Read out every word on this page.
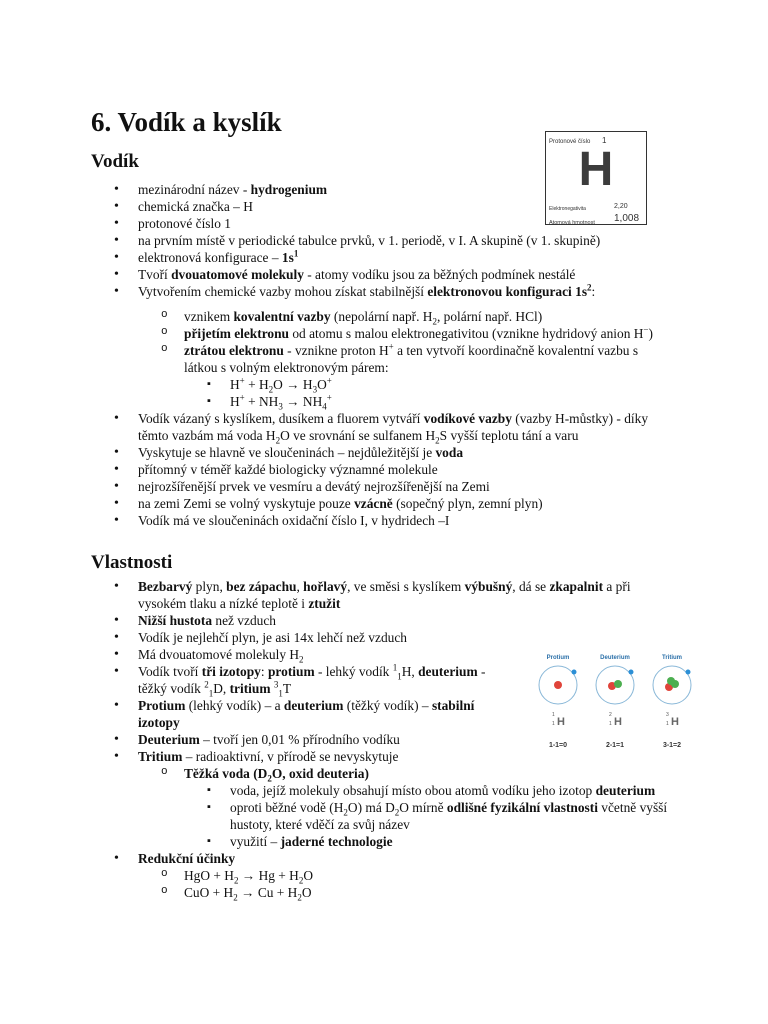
6. Vodík a kyslík
Protonové číslo 1
H
Elektronegativita	2,20
Atomová hmotnost 1,008
Vodík
• mezinárodní název - hydrogenium
• chemická značka – H
• protonové číslo 1
• na prvním místě v periodické tabulce prvků, v 1. periodě, v I. A skupině (v 1. skupině)
• elektronová konfigurace – $1s^1$
• Tvoří dvouatomové molekuly - atomy vodíku jsou za běžných podmínek nestálé
• Vytvořením chemické vazby mohou získat stabilnější elektronovou konfiguraci $1s^2$:
o vznikem kovalentní vazby (nepolární např. $H_2$, polární např. HCl)
o přijetím elektronu od atomu s malou elektronegativitou (vznikne hydridový anion H−)
o ztrátou elektronu - vznikne proton H+ a ten vytvoří koordinačně kovalentní vazbu s látkou s volným elektronovým párem:
▪ $H^+ + H_2O \to H_3O^+$
▪ $H^+ + NH_3 \to NH_4^+$
• Vodík vázaný s kyslíkem, dusíkem a fluorem vytváří vodíkové vazby (vazby H-můstky) - díky těmto vazbám má voda $H_2O$ ve srovnání se sulfanem $H_2S$ vyšší teplotu tání a varu
• Vyskytuje se hlavně ve sloučeninách – nejdůležitější je voda
• přítomný v téměř každé biologicky významné molekule
• nejrozšířenější prvek ve vesmíru a devátý nejrozšířenější na Zemi
• na zemi Zemi se volný vyskytuje pouze vzácně (sopečný plyn, zemní plyn)
• Vodík má ve sloučeninách oxidační číslo I, v hydridech –I
Vlastnosti
• Bezbarvý plyn, bez zápachu, hořlavý, ve směsi s kyslíkem výbušný, dá se zkapalnit a při vysokém tlaku a nízké teplotě i ztužit
• Nižší hustota než vzduch
• Vodík je nejlehčí plyn, je asi 14x lehčí než vzduch
• Má dvouatomové molekuly $H_2$
• Vodík tvoří tři izotopy: protium - lehký vodík $^1_1$H, deuterium - těžký vodík $^2_1$D, tritium $^3_1$T
• Protium (lehký vodík) – a deuterium (těžký vodík) – stabilní izotopy
• Deuterium – tvoří jen 0,01 % přírodního vodíku
• Tritium – radioaktivní, v přírodě se nevyskytuje
o Těžká voda ($D_2O$, oxid deuteria)
▪ voda, jejíž molekuly obsahují místo obou atomů vodíku jeho izotop deuterium
▪ oproti běžné vodě $(H_2O)$ má $D_2O$ mírně odlišné fyzikální vlastnosti včetně vyšší hustoty, které vděčí za svůj název
▪ využití – jaderné technologie
• Redukční účinky
o HgO + $H_2 \to Hg + H_2O$
o CuO + $H_2 \to Cu + H_2O$
Protium	Deuterium	Tritium
1
1 H
1-1=0
2
1 H
2-1=1
3
1 H
3-1=2
